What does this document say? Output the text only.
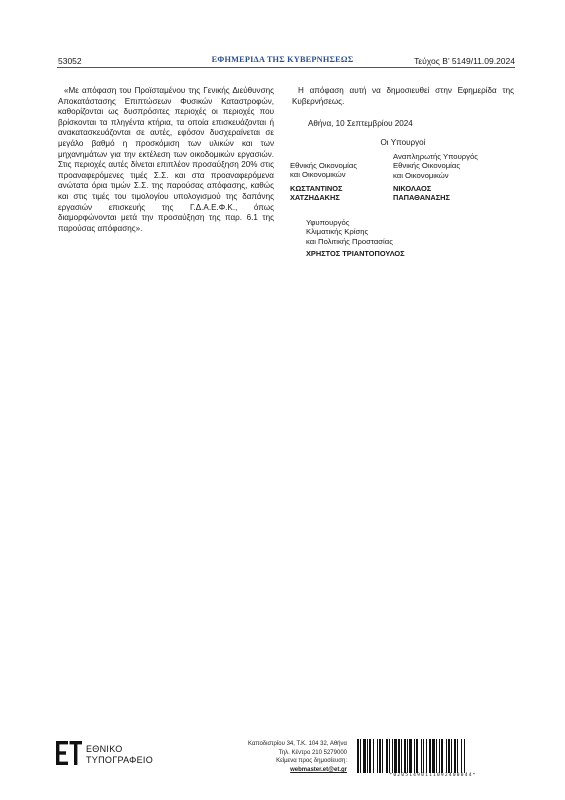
53052	ΕΦΗΜΕΡΙΔΑ ΤΗΣ ΚΥΒΕΡΝΗΣΕΩΣ	Τεύχος Β’ 5149/11.09.2024

«Με απόφαση του Προϊσταμένου της Γενικής Διεύθυνσης Αποκατάστασης Επιπτώσεων Φυσικών Καταστροφών, καθορίζονται ως δυσπρόσιτες περιοχές οι περιοχές που βρίσκονται τα πληγέντα κτήρια, τα οποία επισκευάζονται ή ανακατασκευάζονται σε αυτές, εφόσον δυσχεραίνεται σε μεγάλο βαθμό η προσκόμιση των υλικών και των μηχανημάτων για την εκτέλεση των οικοδομικών εργασιών. Στις περιοχές αυτές δίνεται επιπλέον προσαύξηση 20% στις προαναφερόμενες τιμές Σ.Σ. και στα προαναφερόμενα ανώτατα όρια τιμών Σ.Σ. της παρούσας απόφασης, καθώς και στις τιμές του τιμολογίου υπολογισμού της δαπάνης εργασιών επισκευής της Γ.Δ.Α.Ε.Φ.Κ., όπως διαμορφώνονται μετά την προσαύξηση της παρ. 6.1 της παρούσας απόφασης».

Η απόφαση αυτή να δημοσιευθεί στην Εφημερίδα της Κυβερνήσεως.

Αθήνα, 10 Σεπτεμβρίου 2024
Οι Υπουργοί
Εθνικής Οικονομίας
και Οικονομικών
ΚΩΣΤΑΝΤΙΝΟΣ
ΧΑΤΖΗΔΑΚΗΣ
Αναπληρωτής Υπουργός
Εθνικής Οικονομίας
και Οικονομικών
ΝΙΚΟΛΑΟΣ
ΠΑΠΑΘΑΝΑΣΗΣ
Υφυπουργός
Κλιματικής Κρίσης
και Πολιτικής Προστασίας
ΧΡΗΣΤΟΣ ΤΡΙΑΝΤΟΠΟΥΛΟΣ
ΕΘΝΙΚΟ
ΤΥΠΟΓΡΑΦΕΙΟ
Καποδιστρίου 34, Τ.Κ. 104 32, Αθήνα
Τηλ. Κέντρο 210 5279000
Κείμενα προς δημοσίευση:
webmaster.et@et.gr
*02051490111092400044*
